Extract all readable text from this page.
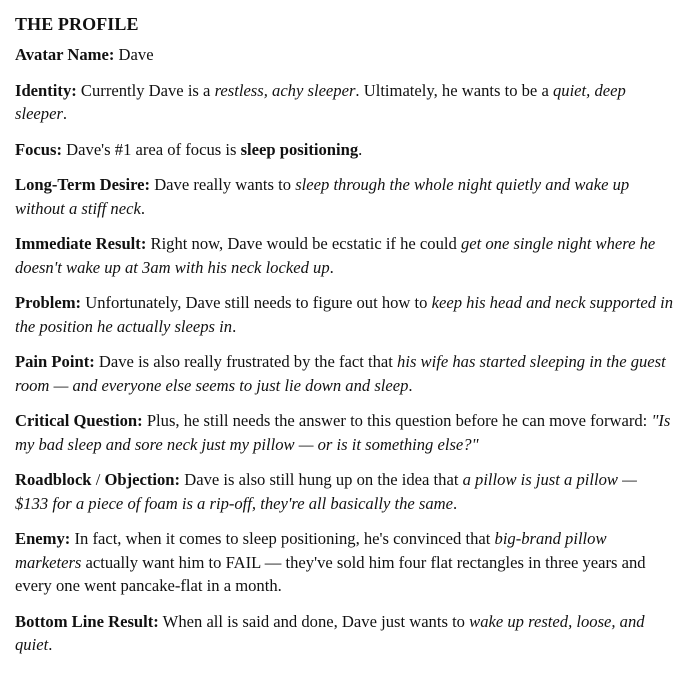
THE PROFILE

Avatar Name: Dave

Identity: Currently Dave is a restless, achy sleeper. Ultimately, he wants to be a quiet, deep sleeper.

Focus: Dave's #1 area of focus is sleep positioning.

Long-Term Desire: Dave really wants to sleep through the whole night quietly and wake up without a stiff neck.

Immediate Result: Right now, Dave would be ecstatic if he could get one single night where he doesn't wake up at 3am with his neck locked up.

Problem: Unfortunately, Dave still needs to figure out how to keep his head and neck supported in the position he actually sleeps in.

Pain Point: Dave is also really frustrated by the fact that his wife has started sleeping in the guest room — and everyone else seems to just lie down and sleep.

Critical Question: Plus, he still needs the answer to this question before he can move forward: "Is my bad sleep and sore neck just my pillow — or is it something else?"

Roadblock / Objection: Dave is also still hung up on the idea that a pillow is just a pillow — $133 for a piece of foam is a rip-off, they're all basically the same.

Enemy: In fact, when it comes to sleep positioning, he's convinced that big-brand pillow marketers actually want him to FAIL — they've sold him four flat rectangles in three years and every one went pancake-flat in a month.

Bottom Line Result: When all is said and done, Dave just wants to wake up rested, loose, and quiet.
